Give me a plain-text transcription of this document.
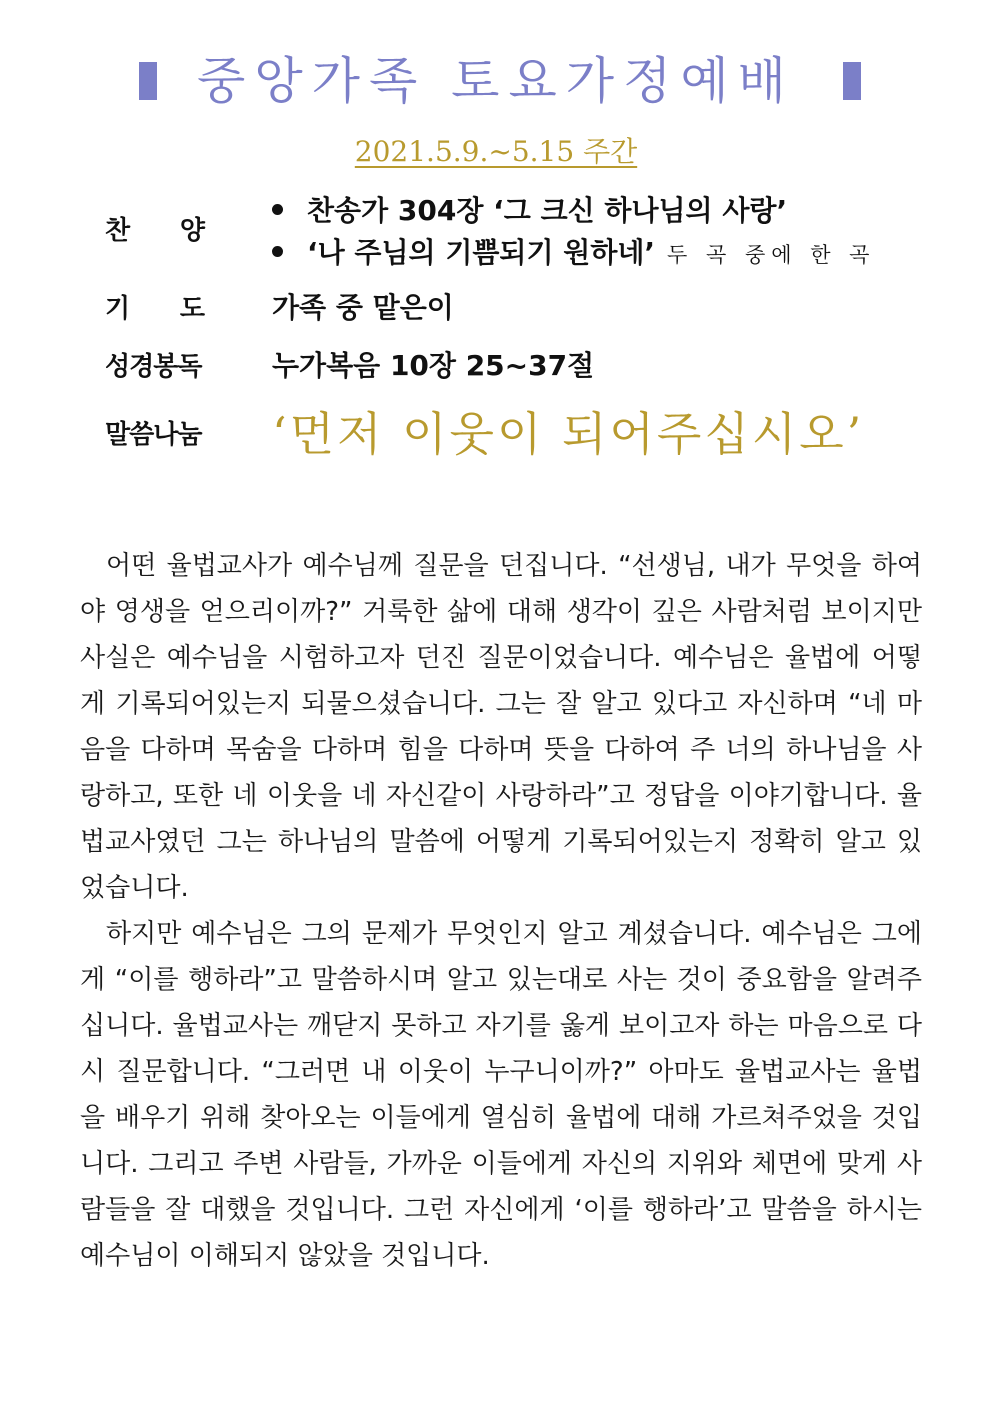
중앙가족 토요가정예배
2021.5.9.~5.15 주간
찬 양
찬송가 304장 ‘그 크신 하나님의 사랑’
‘나 주님의 기쁨되기 원하네’ 두 곡 중에 한 곡
기 도 가족 중 맡은이
성경봉독	누가복음 10장 25~37절
말씀나눔 ‘먼저 이웃이 되어주십시오’

어떤 율법교사가 예수님께 질문을 던집니다. “선생님, 내가 무엇을 하여야 영생을 얻으리이까?” 거룩한 삶에 대해 생각이 깊은 사람처럼 보이지만 사실은 예수님을 시험하고자 던진 질문이었습니다. 예수님은 율법에 어떻게 기록되어있는지 되물으셨습니다. 그는 잘 알고 있다고 자신하며 “네 마음을 다하며 목숨을 다하며 힘을 다하며 뜻을 다하여 주 너의 하나님을 사랑하고, 또한 네 이웃을 네 자신같이 사랑하라”고 정답을 이야기합니다. 율법교사였던 그는 하나님의 말씀에 어떻게 기록되어있는지 정확히 알고 있었습니다.

하지만 예수님은 그의 문제가 무엇인지 알고 계셨습니다. 예수님은 그에게 “이를 행하라”고 말씀하시며 알고 있는대로 사는 것이 중요함을 알려주십니다. 율법교사는 깨닫지 못하고 자기를 옳게 보이고자 하는 마음으로 다시 질문합니다. “그러면 내 이웃이 누구니이까?” 아마도 율법교사는 율법을 배우기 위해 찾아오는 이들에게 열심히 율법에 대해 가르쳐주었을 것입니다. 그리고 주변 사람들, 가까운 이들에게 자신의 지위와 체면에 맞게 사람들을 잘 대했을 것입니다. 그런 자신에게 ‘이를 행하라’고 말씀을 하시는 예수님이 이해되지 않았을 것입니다.
